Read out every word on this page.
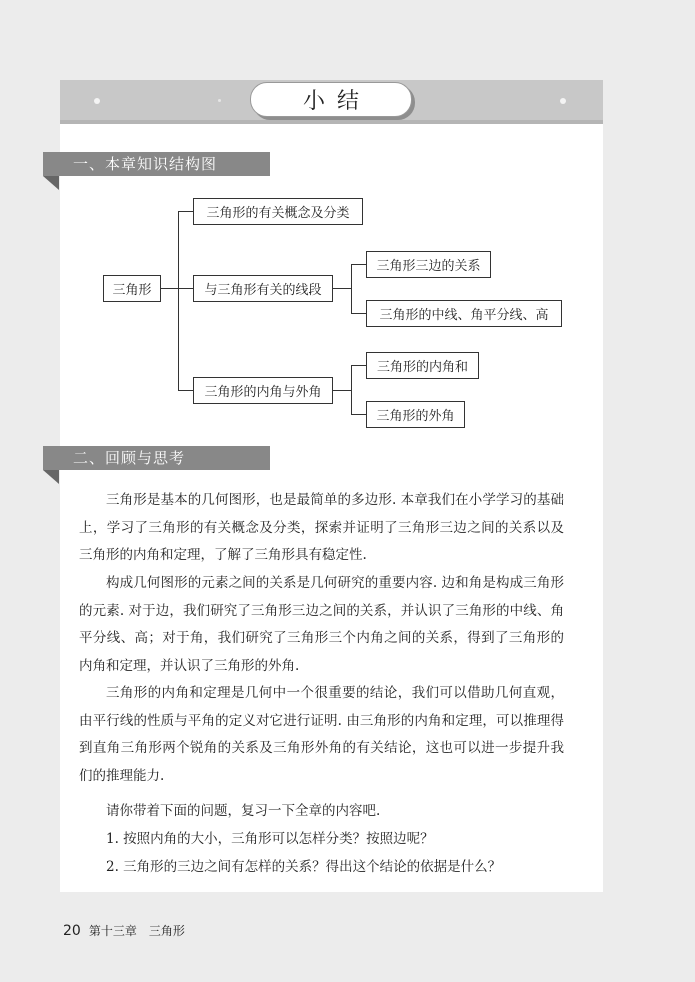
小结
一、本章知识结构图
三角形
三角形的有关概念及分类
与三角形有关的线段
三角形的内角与外角
三角形三边的关系
三角形的中线、角平分线、高
三角形的内角和
三角形的外角
二、回顾与思考

三角形是基本的几何图形，也是最简单的多边形. 本章我们在小学学习的基础上，学习了三角形的有关概念及分类，探索并证明了三角形三边之间的关系以及三角形的内角和定理，了解了三角形具有稳定性.

构成几何图形的元素之间的关系是几何研究的重要内容. 边和角是构成三角形的元素. 对于边，我们研究了三角形三边之间的关系，并认识了三角形的中线、角平分线、高；对于角，我们研究了三角形三个内角之间的关系，得到了三角形的内角和定理，并认识了三角形的外角.

三角形的内角和定理是几何中一个很重要的结论，我们可以借助几何直观，由平行线的性质与平角的定义对它进行证明. 由三角形的内角和定理，可以推理得到直角三角形两个锐角的关系及三角形外角的有关结论，这也可以进一步提升我们的推理能力.

请你带着下面的问题，复习一下全章的内容吧.

1. 按照内角的大小，三角形可以怎样分类？按照边呢？

2. 三角形的三边之间有怎样的关系？得出这个结论的依据是什么？

20 第十三章　三角形
